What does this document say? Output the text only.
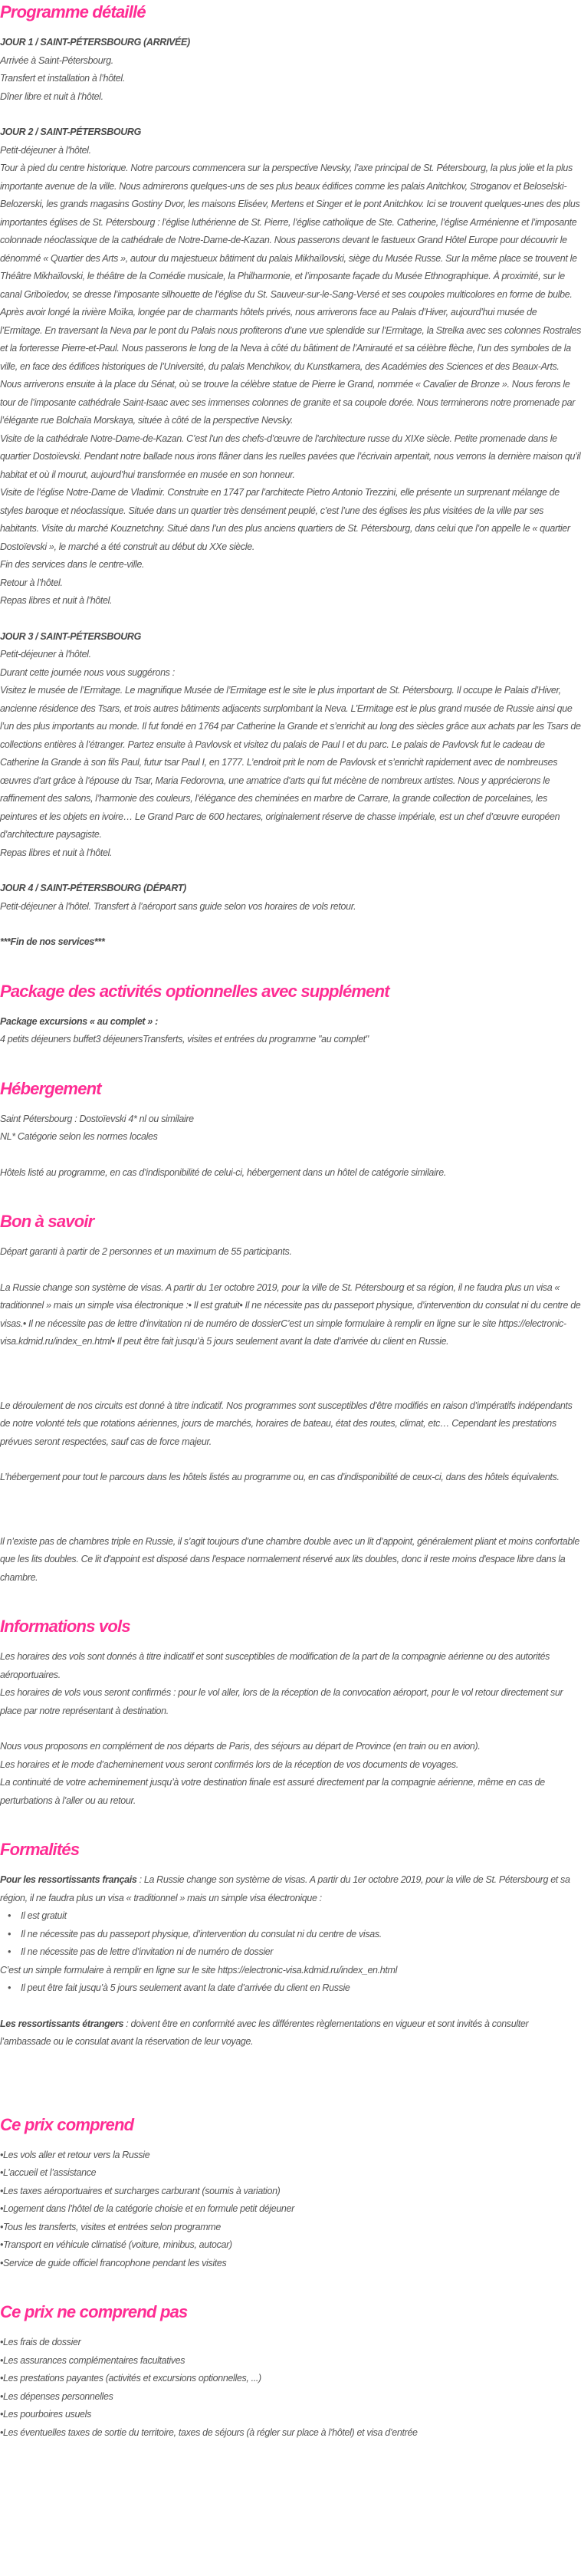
Programme détaillé

JOUR 1 / SAINT-PÉTERSBOURG (ARRIVÉE)

Arrivée à Saint-Pétersbourg.

Transfert et installation à l’hôtel.

Dîner libre et nuit à l’hôtel.

JOUR 2 / SAINT-PÉTERSBOURG

Petit-déjeuner à l'hôtel.

Tour à pied du centre historique. Notre parcours commencera sur la perspective Nevsky, l’axe principal de St. Pétersbourg, la plus jolie et la plus importante avenue de la ville. Nous admirerons quelques-uns de ses plus beaux édifices comme les palais Anitchkov, Stroganov et Beloselski-Belozerski, les grands magasins Gostiny Dvor, les maisons Eliséev, Mertens et Singer et le pont Anitchkov. Ici se trouvent quelques-unes des plus importantes églises de St. Pétersbourg : l’église luthérienne de St. Pierre, l’église catholique de Ste. Catherine, l’église Arménienne et l’imposante colonnade néoclassique de la cathédrale de Notre-Dame-de-Kazan. Nous passerons devant le fastueux Grand Hôtel Europe pour découvrir le dénommé « Quartier des Arts », autour du majestueux bâtiment du palais Mikhaïlovski, siège du Musée Russe. Sur la même place se trouvent le Théâtre Mikhaïlovski, le théâtre de la Comédie musicale, la Philharmonie, et l’imposante façade du Musée Ethnographique. À proximité, sur le canal Griboïedov, se dresse l’imposante silhouette de l’église du St. Sauveur-sur-le-Sang-Versé et ses coupoles multicolores en forme de bulbe. Après avoir longé la rivière Moïka, longée par de charmants hôtels privés, nous arriverons face au Palais d’Hiver, aujourd’hui musée de l’Ermitage. En traversant la Neva par le pont du Palais nous profiterons d’une vue splendide sur l’Ermitage, la Strelka avec ses colonnes Rostrales et la forteresse Pierre-et-Paul. Nous passerons le long de la Neva à côté du bâtiment de l’Amirauté et sa célèbre flèche, l’un des symboles de la ville, en face des édifices historiques de l’Université, du palais Menchikov, du Kunstkamera, des Académies des Sciences et des Beaux-Arts. Nous arriverons ensuite à la place du Sénat, où se trouve la célèbre statue de Pierre le Grand, nommée « Cavalier de Bronze ». Nous ferons le tour de l’imposante cathédrale Saint-Isaac avec ses immenses colonnes de granite et sa coupole dorée. Nous terminerons notre promenade par l’élégante rue Bolchaïa Morskaya, située à côté de la perspective Nevsky.

Visite de la cathédrale Notre-Dame-de-Kazan. C’est l'un des chefs-d’œuvre de l'architecture russe du XIXe siècle. Petite promenade dans le quartier Dostoïevski. Pendant notre ballade nous irons flâner dans les ruelles pavées que l’écrivain arpentait, nous verrons la dernière maison qu’il habitat et où il mourut, aujourd’hui transformée en musée en son honneur.

Visite de l’église Notre-Dame de Vladimir. Construite en 1747 par l’architecte Pietro Antonio Trezzini, elle présente un surprenant mélange de styles baroque et néoclassique. Située dans un quartier très densément peuplé, c’est l’une des églises les plus visitées de la ville par ses habitants. Visite du marché Kouznetchny. Situé dans l’un des plus anciens quartiers de St. Pétersbourg, dans celui que l’on appelle le « quartier Dostoïevski », le marché a été construit au début du XXe siècle.

Fin des services dans le centre-ville.

Retour à l’hôtel.

Repas libres et nuit à l’hôtel.

JOUR 3 / SAINT-PÉTERSBOURG

Petit-déjeuner à l'hôtel.

Durant cette journée nous vous suggérons :

Visitez le musée de l’Ermitage. Le magnifique Musée de l’Ermitage est le site le plus important de St. Pétersbourg. Il occupe le Palais d’Hiver, ancienne résidence des Tsars, et trois autres bâtiments adjacents surplombant la Neva. L’Ermitage est le plus grand musée de Russie ainsi que l’un des plus importants au monde. Il fut fondé en 1764 par Catherine la Grande et s’enrichit au long des siècles grâce aux achats par les Tsars de collections entières à l’étranger. Partez ensuite à Pavlovsk et visitez du palais de Paul I et du parc. Le palais de Pavlovsk fut le cadeau de Catherine la Grande à son fils Paul, futur tsar Paul I, en 1777. L’endroit prit le nom de Pavlovsk et s’enrichit rapidement avec de nombreuses œuvres d’art grâce à l’épouse du Tsar, Maria Fedorovna, une amatrice d’arts qui fut mécène de nombreux artistes. Nous y apprécierons le raffinement des salons, l’harmonie des couleurs, l’élégance des cheminées en marbre de Carrare, la grande collection de porcelaines, les peintures et les objets en ivoire… Le Grand Parc de 600 hectares, originalement réserve de chasse impériale, est un chef d’œuvre européen d’architecture paysagiste.

Repas libres et nuit à l’hôtel.

JOUR 4 / SAINT-PÉTERSBOURG (DÉPART)

Petit-déjeuner à l'hôtel. Transfert à l’aéroport sans guide selon vos horaires de vols retour.

***Fin de nos services***

Package des activités optionnelles avec supplément

Package excursions « au complet » :

4 petits déjeuners buffet3 déjeunersTransferts, visites et entrées du programme "au complet"

Hébergement

Saint Pétersbourg : Dostoïevski 4* nl ou similaire

NL* Catégorie selon les normes locales

Hôtels listé au programme, en cas d’indisponibilité de celui-ci, hébergement dans un hôtel de catégorie similaire.

Bon à savoir

Départ garanti à partir de 2 personnes et un maximum de 55 participants.

La Russie change son système de visas. A partir du 1er octobre 2019, pour la ville de St. Pétersbourg et sa région, il ne faudra plus un visa « traditionnel » mais un simple visa électronique :• Il est gratuit• Il ne nécessite pas du passeport physique, d’intervention du consulat ni du centre de visas.• Il ne nécessite pas de lettre d’invitation ni de numéro de dossierC’est un simple formulaire à remplir en ligne sur le site https://electronic-visa.kdmid.ru/index_en.html• Il peut être fait jusqu’à 5 jours seulement avant la date d’arrivée du client en Russie.

Le déroulement de nos circuits est donné à titre indicatif. Nos programmes sont susceptibles d’être modifiés en raison d’impératifs indépendants de notre volonté tels que rotations aériennes, jours de marchés, horaires de bateau, état des routes, climat, etc… Cependant les prestations prévues seront respectées, sauf cas de force majeur.

L’hébergement pour tout le parcours dans les hôtels listés au programme ou, en cas d’indisponibilité de ceux-ci, dans des hôtels équivalents.

Il n’existe pas de chambres triple en Russie, il s’agit toujours d’une chambre double avec un lit d’appoint, généralement pliant et moins confortable que les lits doubles. Ce lit d'appoint est disposé dans l'espace normalement réservé aux lits doubles, donc il reste moins d'espace libre dans la chambre.

Informations vols

Les horaires des vols sont donnés à titre indicatif et sont susceptibles de modification de la part de la compagnie aérienne ou des autorités aéroportuaires.

Les horaires de vols vous seront confirmés : pour le vol aller, lors de la réception de la convocation aéroport, pour le vol retour directement sur place par notre représentant à destination.

Nous vous proposons en complément de nos départs de Paris, des séjours au départ de Province (en train ou en avion).

Les horaires et le mode d’acheminement vous seront confirmés lors de la réception de vos documents de voyages.

La continuité de votre acheminement jusqu’à votre destination finale est assuré directement par la compagnie aérienne, même en cas de perturbations à l’aller ou au retour.

Formalités

Pour les ressortissants français : La Russie change son système de visas. A partir du 1er octobre 2019, pour la ville de St. Pétersbourg et sa région, il ne faudra plus un visa « traditionnel » mais un simple visa électronique :

• Il est gratuit
• Il ne nécessite pas du passeport physique, d’intervention du consulat ni du centre de visas.
• Il ne nécessite pas de lettre d’invitation ni de numéro de dossier

C’est un simple formulaire à remplir en ligne sur le site https://electronic-visa.kdmid.ru/index_en.html

• Il peut être fait jusqu’à 5 jours seulement avant la date d’arrivée du client en Russie

Les ressortissants étrangers : doivent être en conformité avec les différentes règlementations en vigueur et sont invités à consulter l’ambassade ou le consulat avant la réservation de leur voyage.

Ce prix comprend
• Les vols aller et retour vers la Russie
• L’accueil et l’assistance
• Les taxes aéroportuaires et surcharges carburant (soumis à variation)
• Logement dans l’hôtel de la catégorie choisie et en formule petit déjeuner
• Tous les transferts, visites et entrées selon programme
• Transport en véhicule climatisé (voiture, minibus, autocar)
• Service de guide officiel francophone pendant les visites
Ce prix ne comprend pas
• Les frais de dossier
• Les assurances complémentaires facultatives
• Les prestations payantes (activités et excursions optionnelles, ...)
• Les dépenses personnelles
• Les pourboires usuels
• Les éventuelles taxes de sortie du territoire, taxes de séjours (à régler sur place à l’hôtel) et visa d’entrée
